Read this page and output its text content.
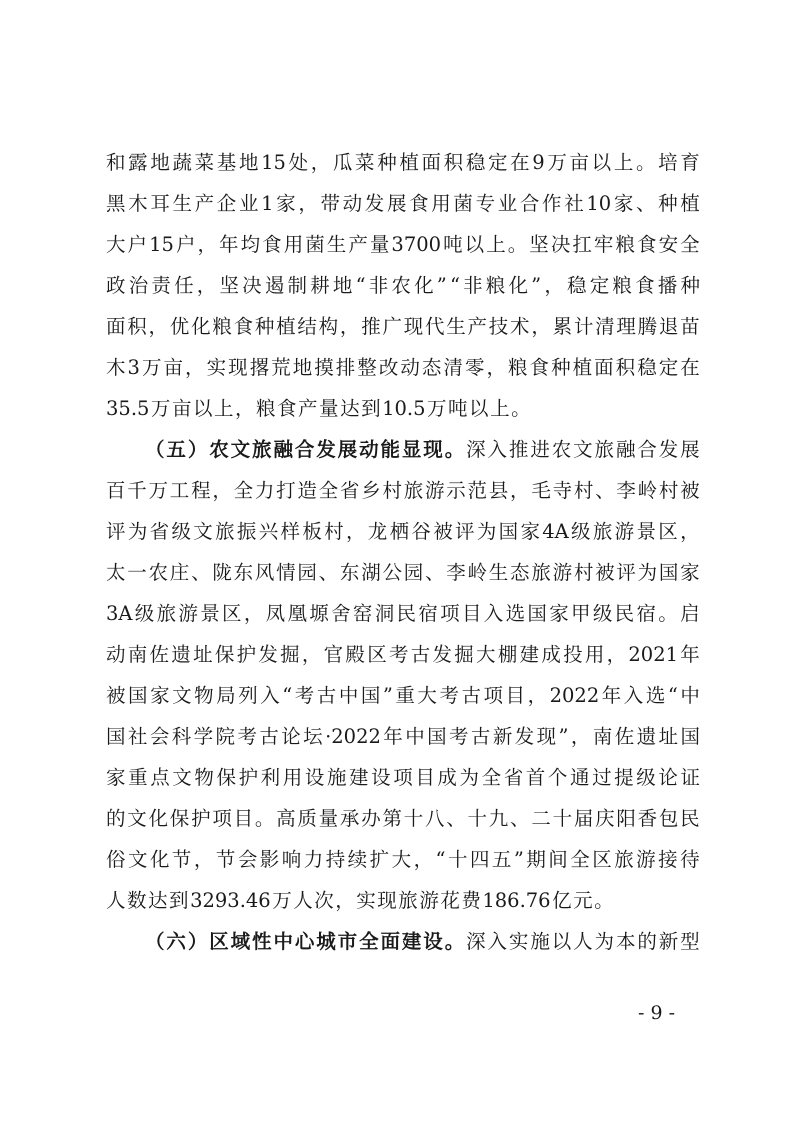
和 露 地 蔬 菜 基 地 15 处 ， 瓜 菜 种 植 面 积 稳 定 在 9 万 亩 以 上 。 培 育
黑 木 耳 生 产 企 业 1 家 ， 带 动 发 展 食 用 菌 专 业 合 作 社 10 家 、 种 植
大 户 15 户 ， 年 均 食 用 菌 生 产 量 3700 吨 以 上 。 坚 决 扛 牢 粮 食 安 全
政 治 责 任 ， 坚 决 遏 制 耕 地 “ 非 农 化 ” “ 非 粮 化 ” ， 稳 定 粮 食 播 种
面 积 ， 优 化 粮 食 种 植 结 构 ， 推 广 现 代 生 产 技 术 ， 累 计 清 理 腾 退 苗
木 3 万 亩 ， 实 现 撂 荒 地 摸 排 整 改 动 态 清 零 ， 粮 食 种 植 面 积 稳 定 在
35.5 万 亩 以 上 ， 粮 食 产 量 达 到 10.5 万 吨 以 上 。
（ 五 ） 农 文 旅 融 合 发 展 动 能 显 现 。 深 入 推 进 农 文 旅 融 合 发 展
百 千 万 工 程 ， 全 力 打 造 全 省 乡 村 旅 游 示 范 县 ， 毛 寺 村 、 李 岭 村 被
评 为 省 级 文 旅 振 兴 样 板 村 ， 龙 栖 谷 被 评 为 国 家 4A 级 旅 游 景 区 ，
太 一 农 庄 、 陇 东 风 情 园 、 东 湖 公 园 、 李 岭 生 态 旅 游 村 被 评 为 国 家
3A 级 旅 游 景 区 ， 凤 凰 塬 舍 窑 洞 民 宿 项 目 入 选 国 家 甲 级 民 宿 。 启
动 南 佐 遗 址 保 护 发 掘 ， 官 殿 区 考 古 发 掘 大 棚 建 成 投 用 ， 2021 年
被 国 家 文 物 局 列 入 “ 考 古 中 国 ” 重 大 考 古 项 目 ， 2022 年 入 选 “ 中
国 社 会 科 学 院 考 古 论 坛 ·2022 年 中 国 考 古 新 发 现 ” ， 南 佐 遗 址 国
家 重 点 文 物 保 护 利 用 设 施 建 设 项 目 成 为 全 省 首 个 通 过 提 级 论 证
的 文 化 保 护 项 目 。 高 质 量 承 办 第 十 八 、 十 九 、 二 十 届 庆 阳 香 包 民
俗 文 化 节 ， 节 会 影 响 力 持 续 扩 大 ， “ 十 四 五 ” 期 间 全 区 旅 游 接 待
人 数 达 到 3293.46 万 人 次 ， 实 现 旅 游 花 费 186.76 亿 元 。
（ 六 ） 区 域 性 中 心 城 市 全 面 建 设 。 深 入 实 施 以 人 为 本 的 新 型
- 9 -
